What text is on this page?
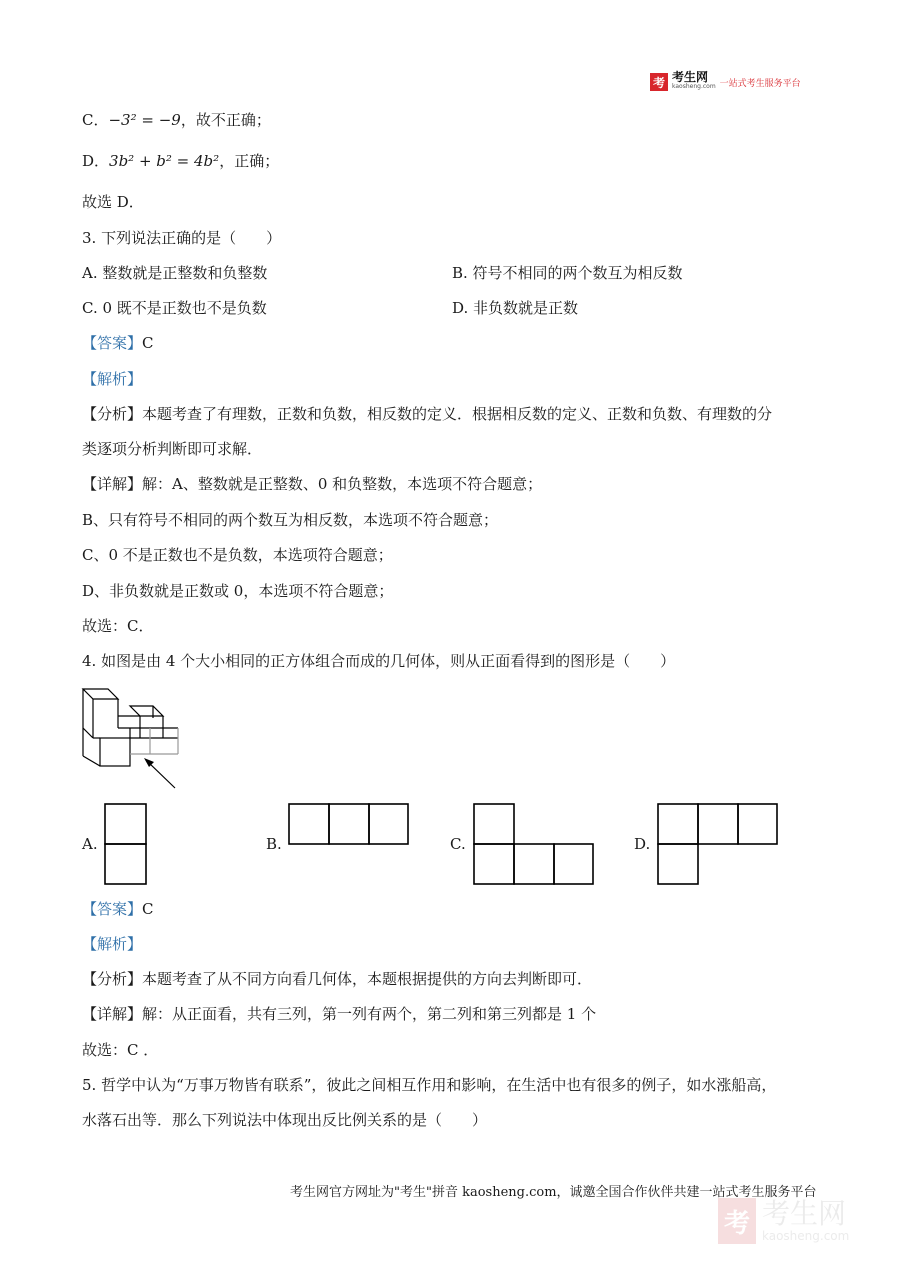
考 考生网
kaosheng.com 一站式考生服务平台
C．−3² = −9，故不正确；
D．3b² + b² = 4b²，正确；
故选 D．
3. 下列说法正确的是（　　）
A. 整数就是正整数和负整数	B. 符号不相同的两个数互为相反数
C. 0 既不是正数也不是负数	D. 非负数就是正数
【答案】C
【解析】
【分析】本题考查了有理数，正数和负数，相反数的定义．根据相反数的定义、正数和负数、有理数的分
类逐项分析判断即可求解．
【详解】解：A、整数就是正整数、0 和负整数，本选项不符合题意；
B、只有符号不相同的两个数互为相反数，本选项不符合题意；
C、0 不是正数也不是负数，本选项符合题意；
D、非负数就是正数或 0，本选项不符合题意；
故选：C．
4. 如图是由 4 个大小相同的正方体组合而成的几何体，则从正面看得到的图形是（　　）
A.	B.	C.	D.
【答案】C
【解析】
【分析】本题考查了从不同方向看几何体，本题根据提供的方向去判断即可．
【详解】解：从正面看，共有三列，第一列有两个，第二列和第三列都是 1 个
故选：C ．
5. 哲学中认为“万事万物皆有联系”，彼此之间相互作用和影响，在生活中也有很多的例子，如水涨船高，
水落石出等．那么下列说法中体现出反比例关系的是（　　）
考生网官方网址为"考生"拼音 kaosheng.com，诚邀全国合作伙伴共建一站式考生服务平台
考 考生网
kaosheng.com
